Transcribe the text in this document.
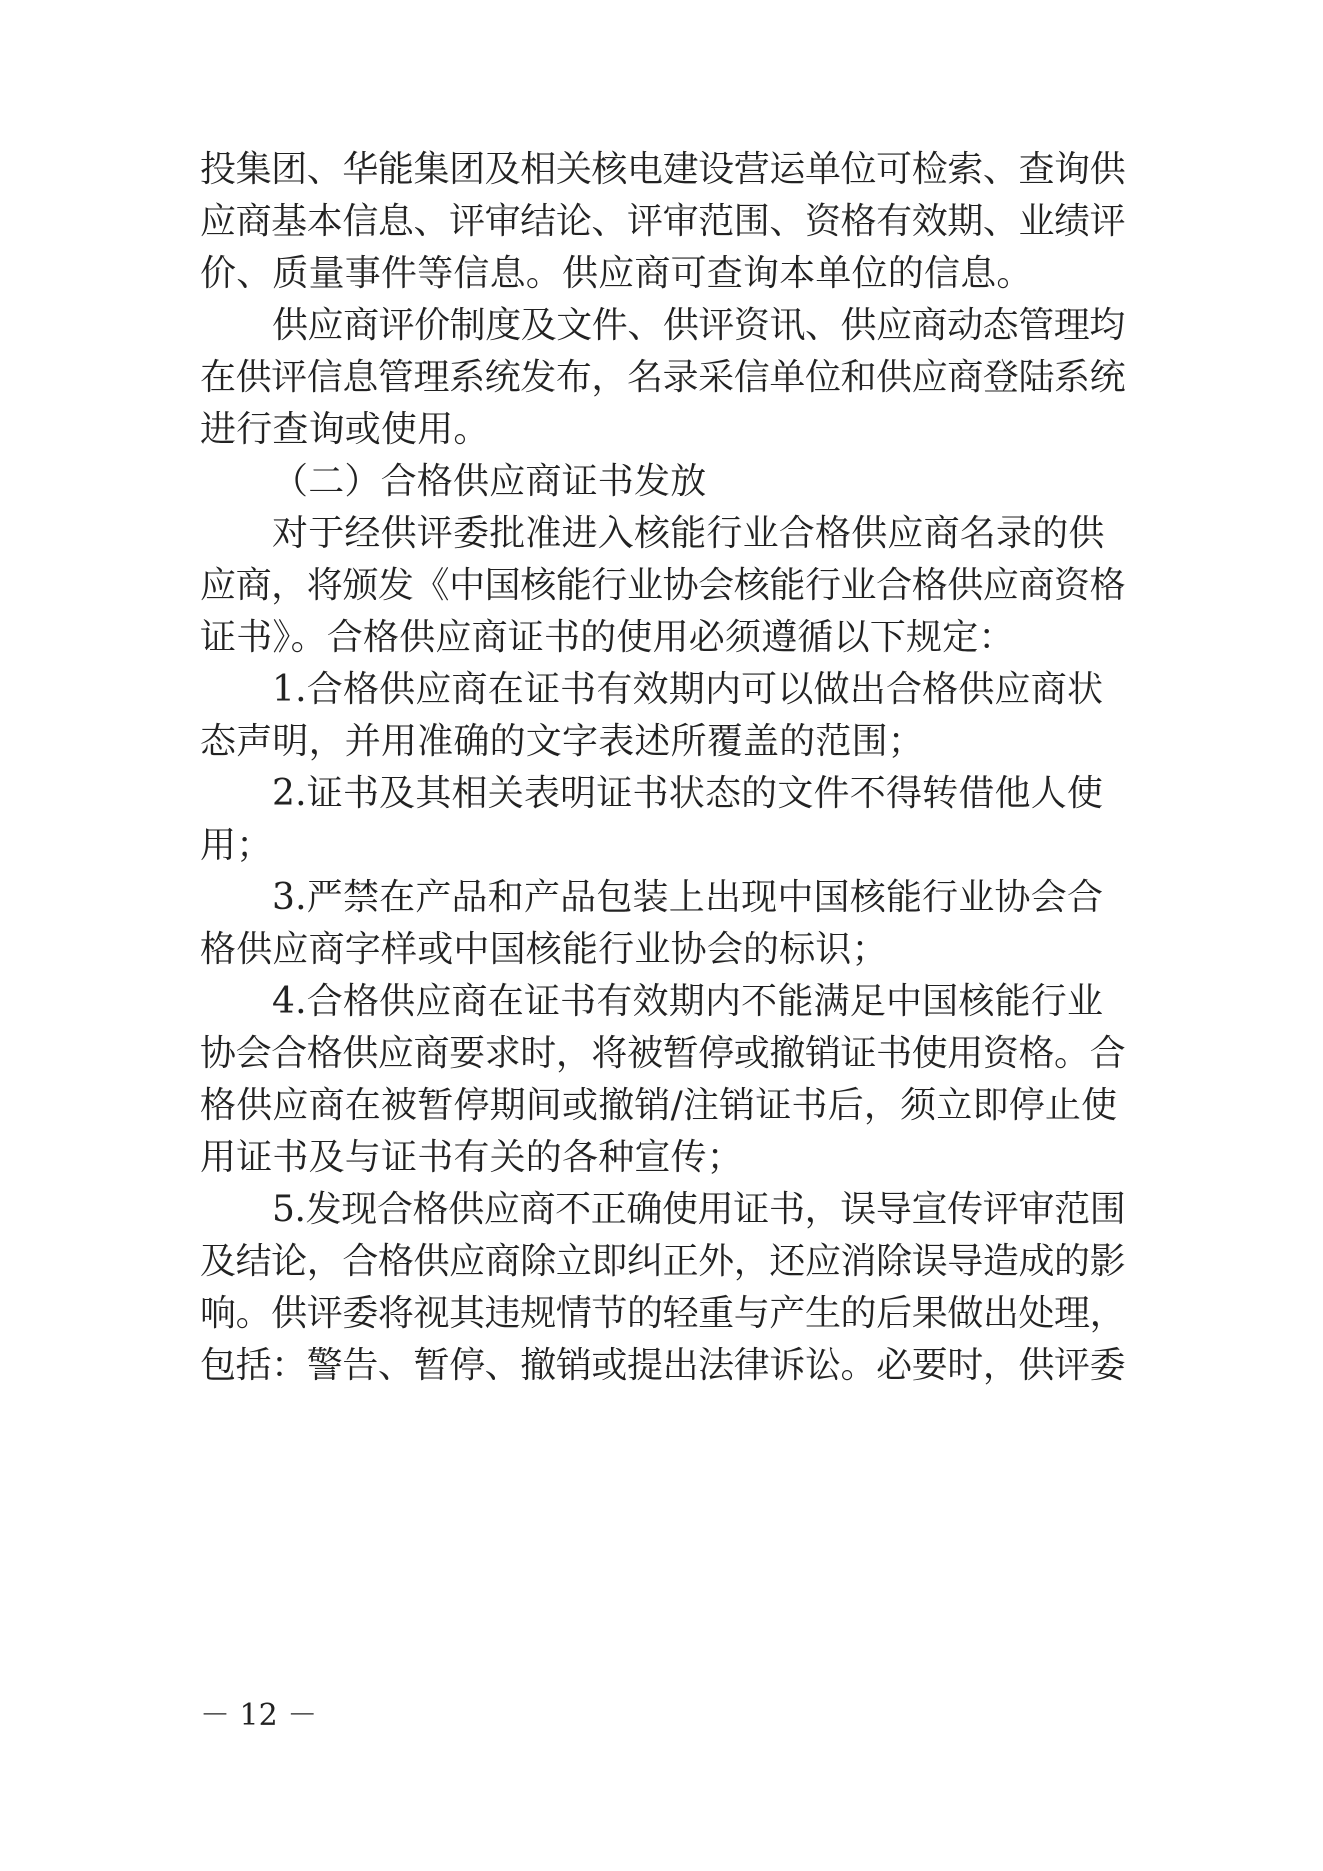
投集团、华能集团及相关核电建设营运单位可检索、查询供
应商基本信息、评审结论、评审范围、资格有效期、业绩评
价、质量事件等信息。供应商可查询本单位的信息。
供应商评价制度及文件、供评资讯、供应商动态管理均
在供评信息管理系统发布，名录采信单位和供应商登陆系统
进行查询或使用。
（二）合格供应商证书发放
对于经供评委批准进入核能行业合格供应商名录的供
应商，将颁发《中国核能行业协会核能行业合格供应商资格
证书》。合格供应商证书的使用必须遵循以下规定：
1.合格供应商在证书有效期内可以做出合格供应商状
态声明，并用准确的文字表述所覆盖的范围；
2.证书及其相关表明证书状态的文件不得转借他人使
用；
3.严禁在产品和产品包装上出现中国核能行业协会合
格供应商字样或中国核能行业协会的标识；
4.合格供应商在证书有效期内不能满足中国核能行业
协会合格供应商要求时，将被暂停或撤销证书使用资格。合
格供应商在被暂停期间或撤销/注销证书后，须立即停止使
用证书及与证书有关的各种宣传；
5.发现合格供应商不正确使用证书，误导宣传评审范围
及结论，合格供应商除立即纠正外，还应消除误导造成的影
响。供评委将视其违规情节的轻重与产生的后果做出处理，
包括：警告、暂停、撤销或提出法律诉讼。必要时，供评委
－ 12 －
